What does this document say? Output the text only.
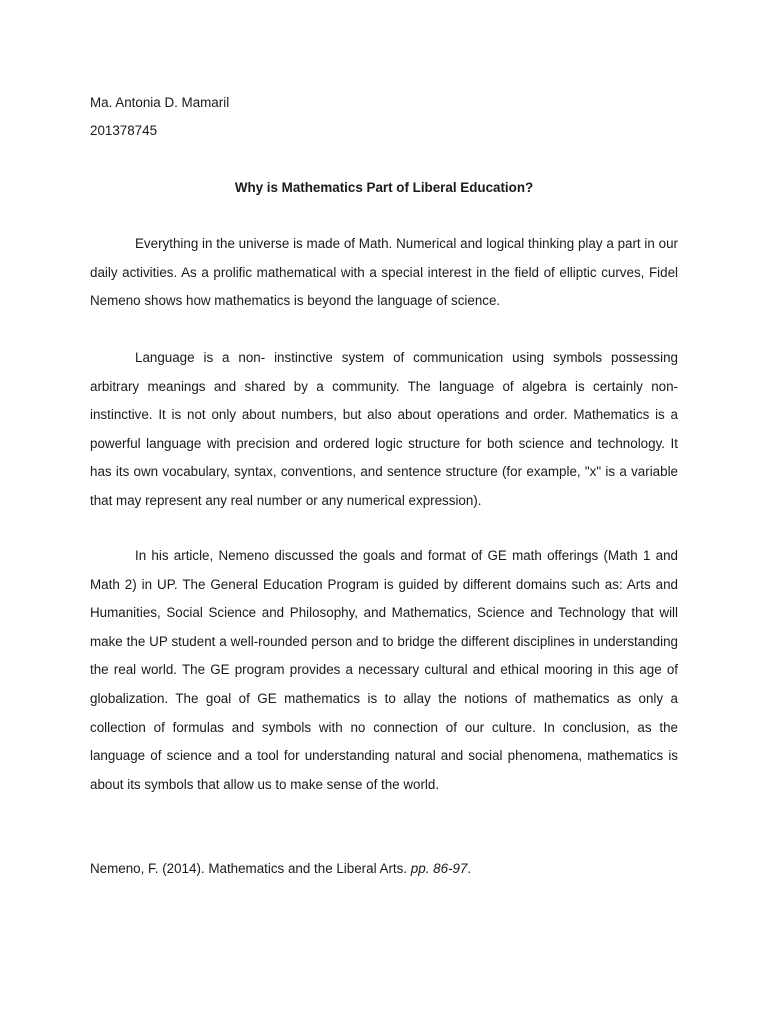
Ma. Antonia D. Mamaril

201378745

Why is Mathematics Part of Liberal Education?

Everything in the universe is made of Math. Numerical and logical thinking play a part in our daily activities. As a prolific mathematical with a special interest in the field of elliptic curves, Fidel Nemeno shows how mathematics is beyond the language of science.

Language is a non- instinctive system of communication using symbols possessing arbitrary meanings and shared by a community. The language of algebra is certainly non-instinctive. It is not only about numbers, but also about operations and order. Mathematics is a powerful language with precision and ordered logic structure for both science and technology. It has its own vocabulary, syntax, conventions, and sentence structure (for example, "x" is a variable that may represent any real number or any numerical expression).

In his article, Nemeno discussed the goals and format of GE math offerings (Math 1 and Math 2) in UP. The General Education Program is guided by different domains such as: Arts and Humanities, Social Science and Philosophy, and Mathematics, Science and Technology that will make the UP student a well-rounded person and to bridge the different disciplines in understanding the real world. The GE program provides a necessary cultural and ethical mooring in this age of globalization. The goal of GE mathematics is to allay the notions of mathematics as only a collection of formulas and symbols with no connection of our culture. In conclusion, as the language of science and a tool for understanding natural and social phenomena, mathematics is about its symbols that allow us to make sense of the world.

Nemeno, F. (2014). Mathematics and the Liberal Arts. pp. 86-97.
